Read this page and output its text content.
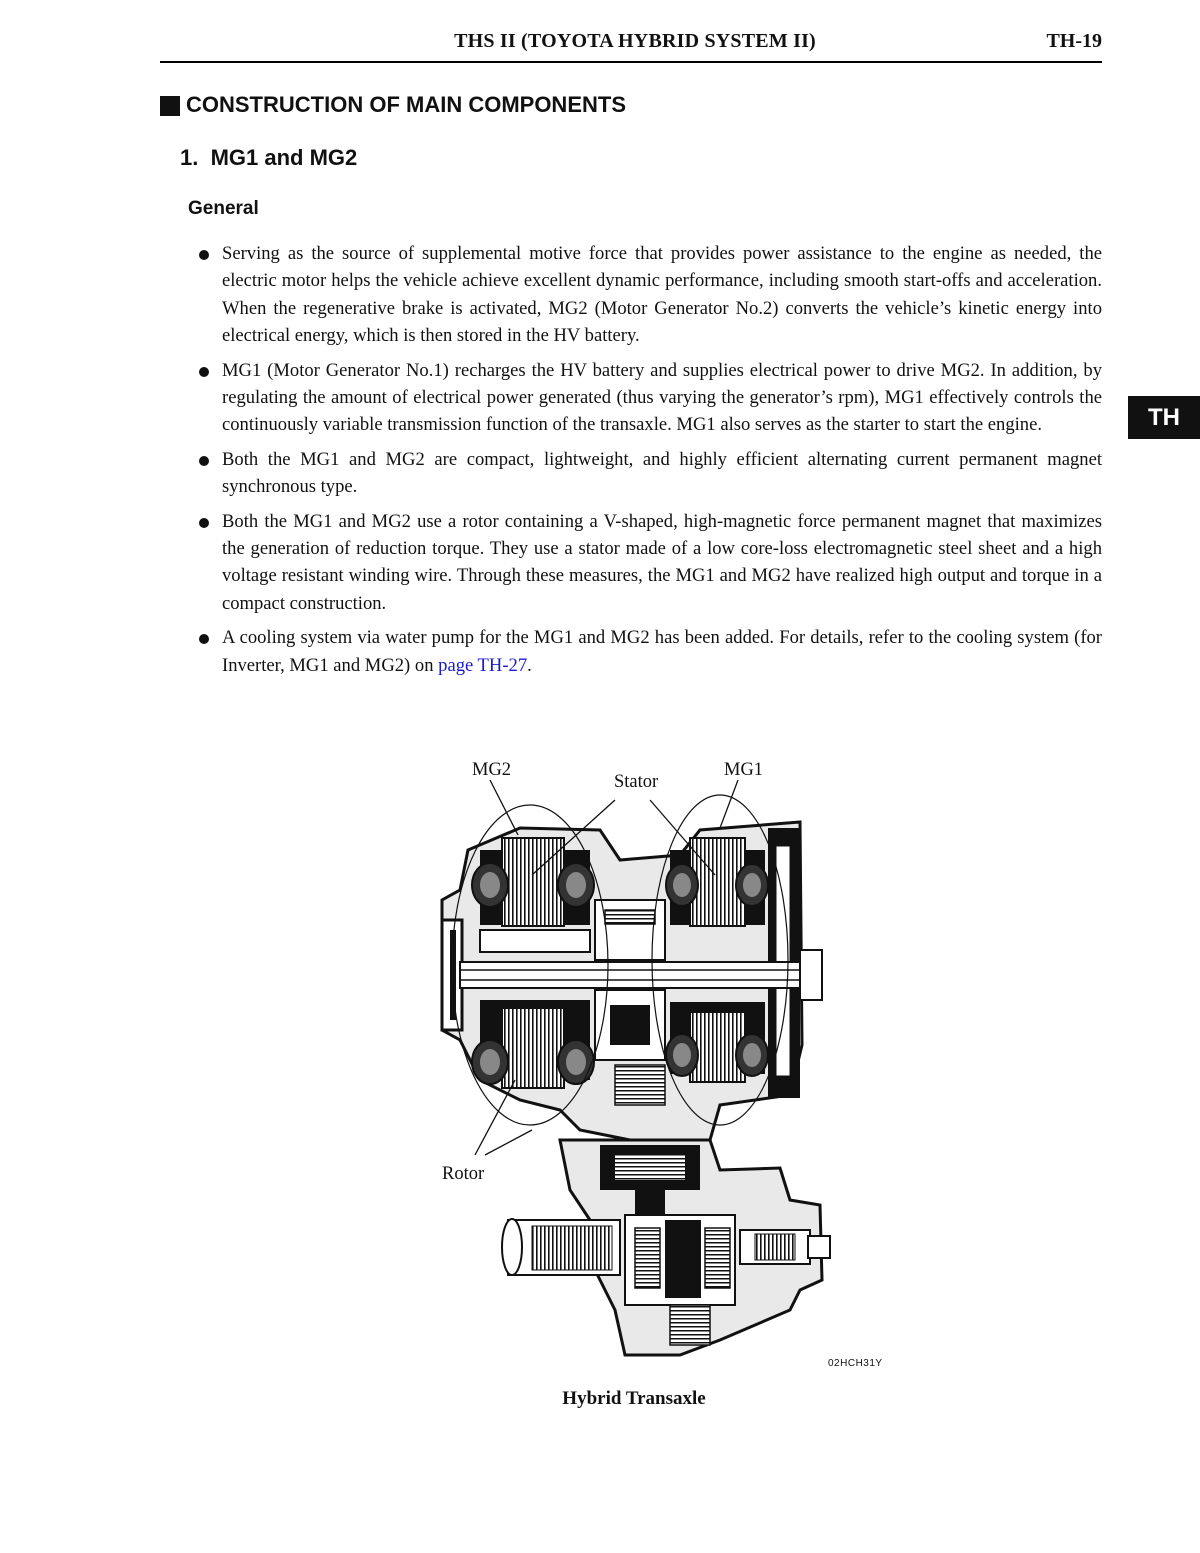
THS II (TOYOTA HYBRID SYSTEM II)	TH-19
CONSTRUCTION OF MAIN COMPONENTS
1. MG1 and MG2
General
Serving as the source of supplemental motive force that provides power assistance to the engine as needed, the electric motor helps the vehicle achieve excellent dynamic performance, including smooth start-offs and acceleration. When the regenerative brake is activated, MG2 (Motor Generator No.2) converts the vehicle’s kinetic energy into electrical energy, which is then stored in the HV battery.
MG1 (Motor Generator No.1) recharges the HV battery and supplies electrical power to drive MG2. In addition, by regulating the amount of electrical power generated (thus varying the generator’s rpm), MG1 effectively controls the continuously variable transmission function of the transaxle. MG1 also serves as the starter to start the engine.
Both the MG1 and MG2 are compact, lightweight, and highly efficient alternating current permanent magnet synchronous type.
Both the MG1 and MG2 use a rotor containing a V-shaped, high-magnetic force permanent magnet that maximizes the generation of reduction torque. They use a stator made of a low core-loss electromagnetic steel sheet and a high voltage resistant winding wire. Through these measures, the MG1 and MG2 have realized high output and torque in a compact construction.
A cooling system via water pump for the MG1 and MG2 has been added. For details, refer to the cooling system (for Inverter, MG1 and MG2) on page TH-27.
TH
MG2
Stator
MG1
Rotor
02HCH31Y
Hybrid Transaxle
